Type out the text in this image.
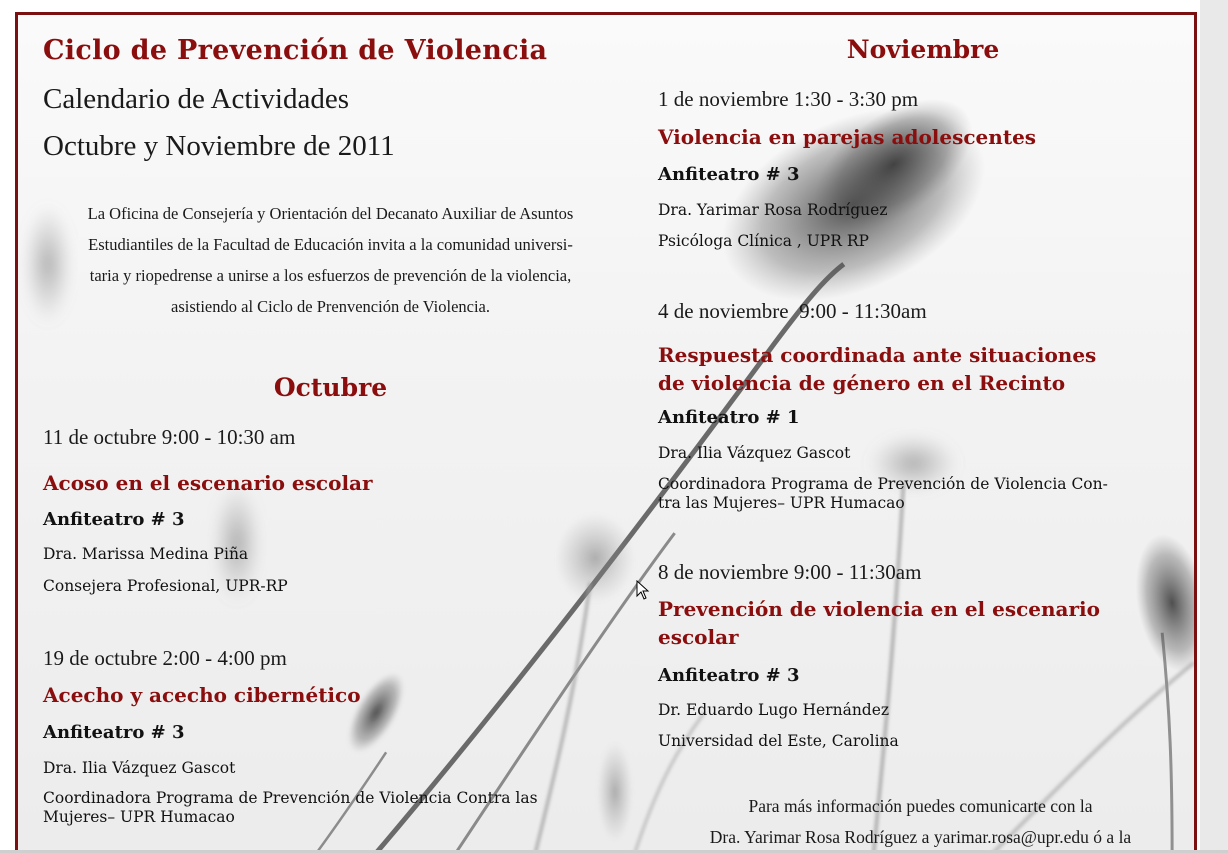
Ciclo de Prevención de Violencia
Calendario de Actividades
Octubre y Noviembre de 2011
La Oficina de Consejería y Orientación del Decanato Auxiliar de Asuntos
Estudiantiles de la Facultad de Educación invita a la comunidad universi-
taria y riopedrense a unirse a los esfuerzos de prevención de la violencia,
asistiendo al Ciclo de Prenvención de Violencia.
Octubre
11 de octubre 9:00 - 10:30 am
Acoso en el escenario escolar
Anfiteatro # 3
Dra. Marissa Medina Piña
Consejera Profesional, UPR-RP
19 de octubre 2:00 - 4:00 pm
Acecho y acecho cibernético
Anfiteatro # 3
Dra. Ilia Vázquez Gascot
Coordinadora Programa de Prevención de Violencia Contra las
Mujeres– UPR Humacao
Noviembre
1 de noviembre 1:30 - 3:30 pm
Violencia en parejas adolescentes
Anfiteatro # 3
Dra. Yarimar Rosa Rodríguez
Psicóloga Clínica , UPR RP
4 de noviembre  9:00 - 11:30am
Respuesta coordinada ante situaciones
de violencia de género en el Recinto
Anfiteatro # 1
Dra. Ilia Vázquez Gascot
Coordinadora Programa de Prevención de Violencia Con-
tra las Mujeres– UPR Humacao
8 de noviembre 9:00 - 11:30am
Prevención de violencia en el escenario
escolar
Anfiteatro # 3
Dr. Eduardo Lugo Hernández
Universidad del Este, Carolina
Para más información puedes comunicarte con la
Dra. Yarimar Rosa Rodríguez a yarimar.rosa@upr.edu ó a la
